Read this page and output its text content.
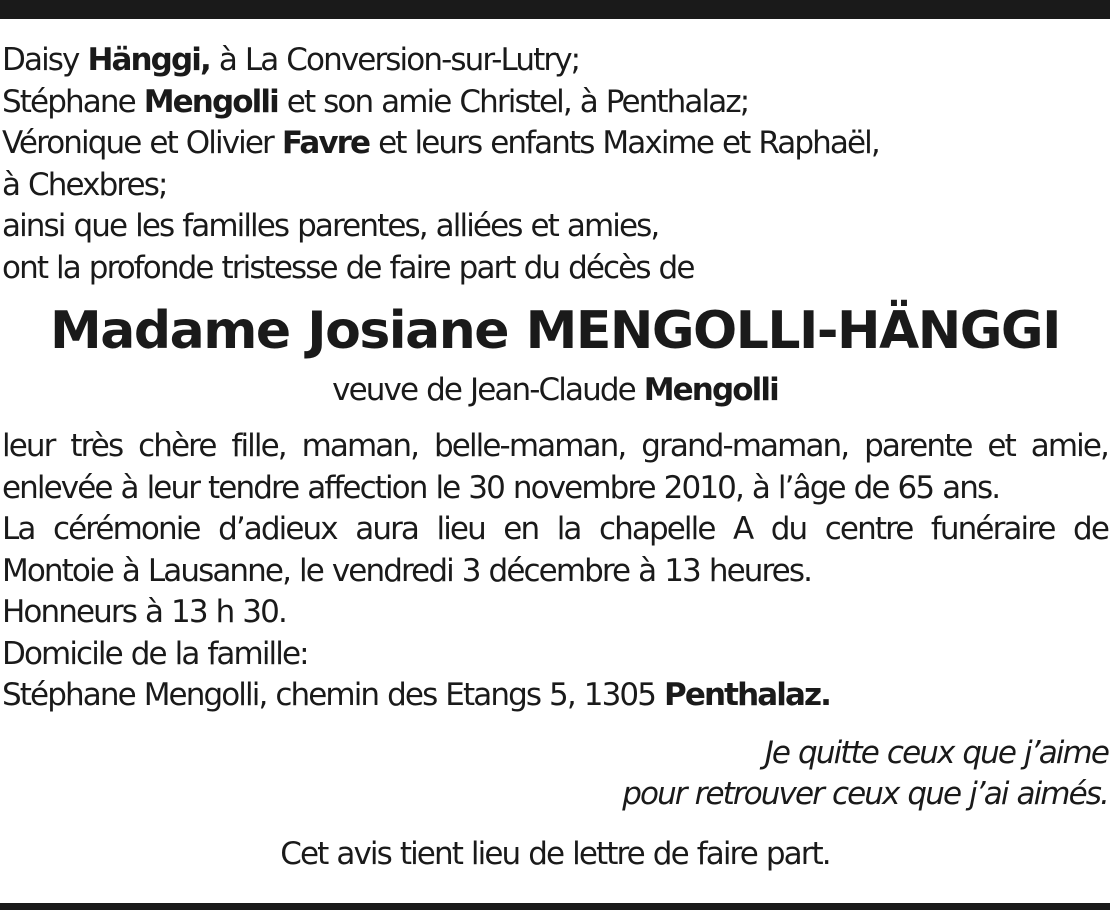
Daisy Hänggi, à La Conversion-sur-Lutry;
Stéphane Mengolli et son amie Christel, à Penthalaz;
Véronique et Olivier Favre et leurs enfants Maxime et Raphaël,
à Chexbres;
ainsi que les familles parentes, alliées et amies,
ont la profonde tristesse de faire part du décès de
Madame Josiane MENGOLLI-HÄNGGI
veuve de Jean-Claude Mengolli
leur très chère fille, maman, belle-maman, grand-maman, parente et amie,
enlevée à leur tendre affection le 30 novembre 2010, à l’âge de 65 ans.
La cérémonie d’adieux aura lieu en la chapelle A du centre funéraire de
Montoie à Lausanne, le vendredi 3 décembre à 13 heures.
Honneurs à 13 h 30.
Domicile de la famille:
Stéphane Mengolli, chemin des Etangs 5, 1305 Penthalaz.
Je quitte ceux que j’aime
pour retrouver ceux que j’ai aimés.
Cet avis tient lieu de lettre de faire part.
